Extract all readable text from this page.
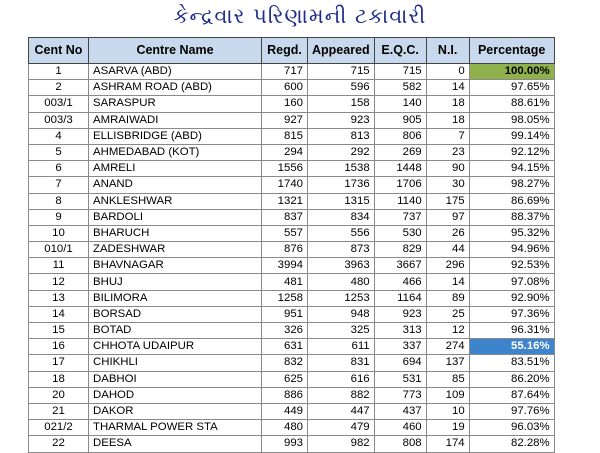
કેન્દ્રવાર પરિણામની ટકાવારી
Cent No	Centre Name	Regd.	Appeared	E.Q.C.	N.I.	Percentage
1	ASARVA (ABD)	717	715	715	0	100.00%
2	ASHRAM ROAD (ABD)	600	596	582	14	97.65%
003/1	SARASPUR	160	158	140	18	88.61%
003/3	AMRAIWADI	927	923	905	18	98.05%
4	ELLISBRIDGE (ABD)	815	813	806	7	99.14%
5	AHMEDABAD (KOT)	294	292	269	23	92.12%
6	AMRELI	1556	1538	1448	90	94.15%
7	ANAND	1740	1736	1706	30	98.27%
8	ANKLESHWAR	1321	1315	1140	175	86.69%
9	BARDOLI	837	834	737	97	88.37%
10	BHARUCH	557	556	530	26	95.32%
010/1	ZADESHWAR	876	873	829	44	94.96%
11	BHAVNAGAR	3994	3963	3667	296	92.53%
12	BHUJ	481	480	466	14	97.08%
13	BILIMORA	1258	1253	1164	89	92.90%
14	BORSAD	951	948	923	25	97.36%
15	BOTAD	326	325	313	12	96.31%
16	CHHOTA UDAIPUR	631	611	337	274	55.16%
17	CHIKHLI	832	831	694	137	83.51%
18	DABHOI	625	616	531	85	86.20%
20	DAHOD	886	882	773	109	87.64%
21	DAKOR	449	447	437	10	97.76%
021/2	THARMAL POWER STA	480	479	460	19	96.03%
22	DEESA	993	982	808	174	82.28%
